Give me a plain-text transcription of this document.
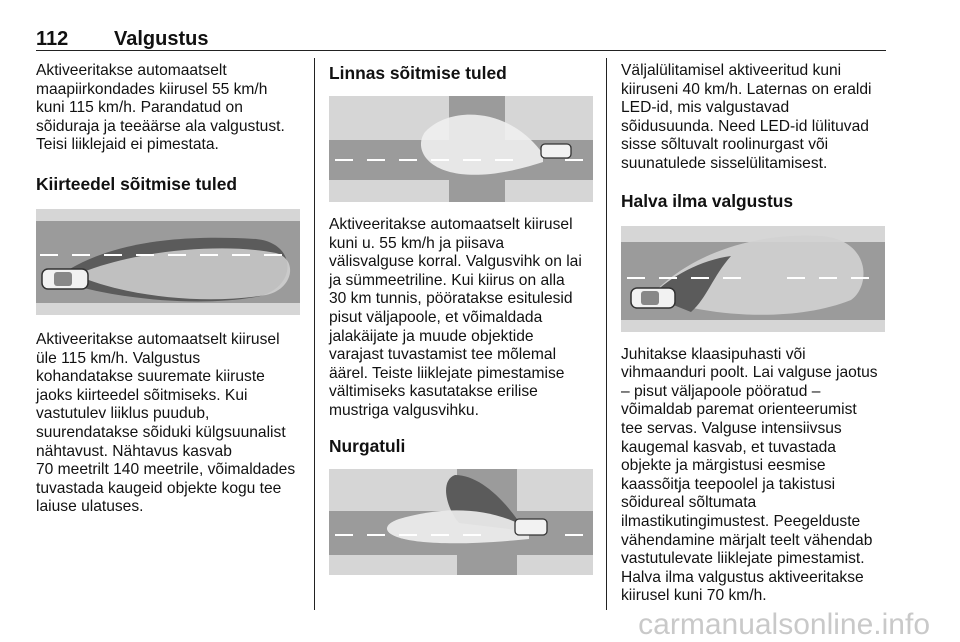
112 Valgustus

Aktiveeritakse automaatselt
maapiirkondades kiirusel 55 km/h
kuni 115 km/h. Parandatud on
sõiduraja ja teeäärse ala valgustust.
Teisi liiklejaid ei pimestata.

Kiirteedel sõitmise tuled

Aktiveeritakse automaatselt kiirusel
üle 115 km/h. Valgustus
kohandatakse suuremate kiiruste
jaoks kiirteedel sõitmiseks. Kui
vastutulev liiklus puudub,
suurendatakse sõiduki külgsuunalist
nähtavust. Nähtavus kasvab
70 meetrilt 140 meetrile, võimaldades
tuvastada kaugeid objekte kogu tee
laiuse ulatuses.

Linnas sõitmise tuled

Aktiveeritakse automaatselt kiirusel
kuni u. 55 km/h ja piisava
välisvalguse korral. Valgusvihk on lai
ja sümmeetriline. Kui kiirus on alla
30 km tunnis, pööratakse esitulesid
pisut väljapoole, et võimaldada
jalakäijate ja muude objektide
varajast tuvastamist tee mõlemal
äärel. Teiste liiklejate pimestamise
vältimiseks kasutatakse erilise
mustriga valgusvihku.

Nurgatuli

Väljalülitamisel aktiveeritud kuni
kiiruseni 40 km/h. Laternas on eraldi
LED-id, mis valgustavad
sõidusuunda. Need LED-id lülituvad
sisse sõltuvalt roolinurgast või
suunatulede sisselülitamisest.

Halva ilma valgustus

Juhitakse klaasipuhasti või
vihmaanduri poolt. Lai valguse jaotus
– pisut väljapoole pööratud –
võimaldab paremat orienteerumist
tee servas. Valguse intensiivsus
kaugemal kasvab, et tuvastada
objekte ja märgistusi eesmise
kaassõitja teepoolel ja takistusi
sõidureal sõltumata
ilmastikutingimustest. Peegelduste
vähendamine märjalt teelt vähendab
vastutulevate liiklejate pimestamist.
Halva ilma valgustus aktiveeritakse
kiirusel kuni 70 km/h.

carmanualsonline.info
